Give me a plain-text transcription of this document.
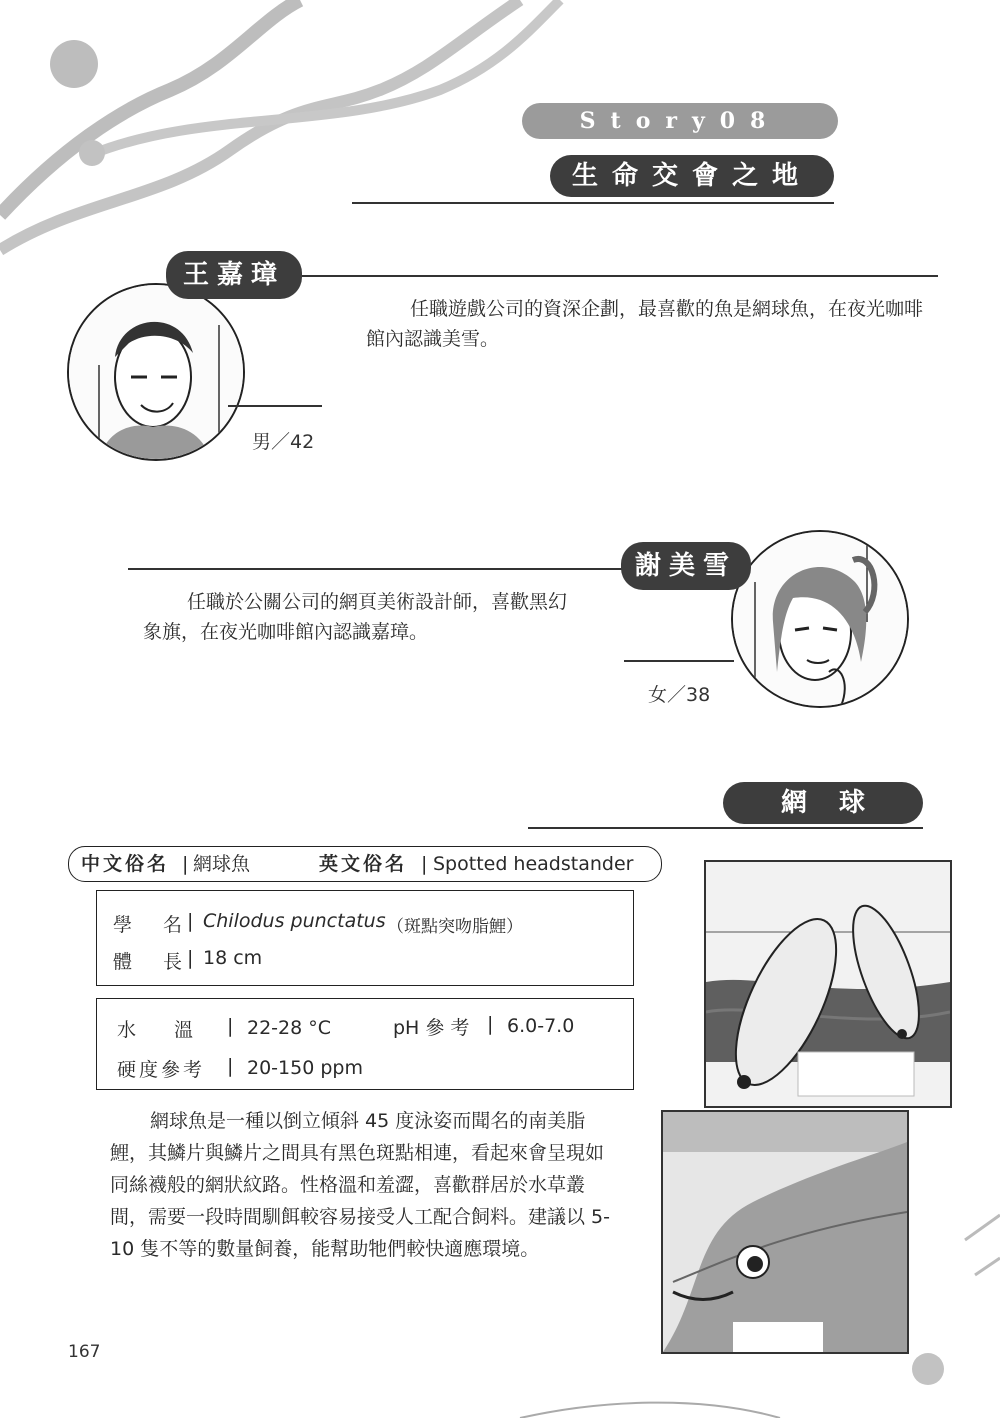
Story08
生命交會之地
王嘉璋
任職遊戲公司的資深企劃，最喜歡的魚是網球魚，在夜光咖啡館內認識美雪。
男／42
謝美雪
任職於公關公司的網頁美術設計師，喜歡黑幻象旗，在夜光咖啡館內認識嘉璋。
女／38
網球魚
中文俗名 | 網球魚	英文俗名 | Spotted headstander
學　名
| Chilodus punctatus （斑點突吻脂鯉）
體　長
| 18 cm
水　　溫 | 22-28 °C	pH 參 考 | 6.0-7.0
硬度參考 | 20-150 ppm
網球魚是一種以倒立傾斜 45 度泳姿而聞名的南美脂鯉，其鱗片與鱗片之間具有黑色斑點相連，看起來會呈現如同絲襪般的網狀紋路。性格溫和羞澀，喜歡群居於水草叢間，需要一段時間馴餌較容易接受人工配合飼料。建議以 5-10 隻不等的數量飼養，能幫助牠們較快適應環境。
167
